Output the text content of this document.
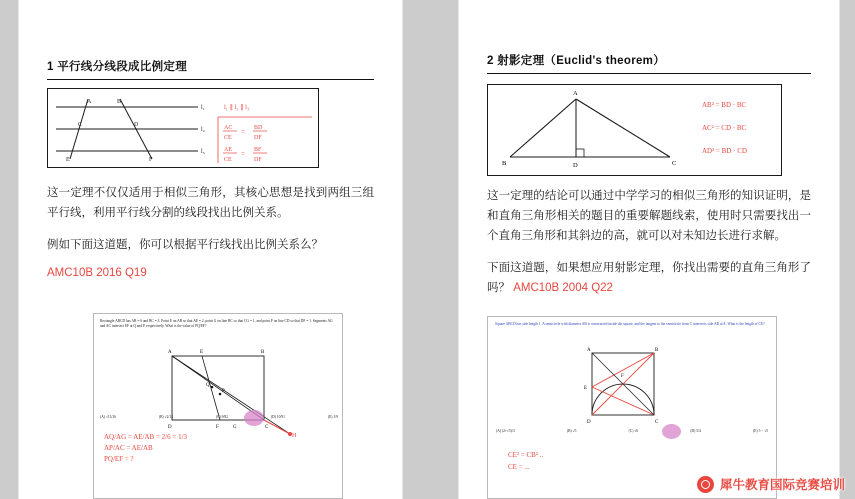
1 平行线分线段成比例定理
A	B
C	D
E	F
l₁
l₂
l₃
l₁ ∥ l₂ ∥ l₃
AC
CE
= BD
DF
AE
CE
= BF
DF

这一定理不仅仅适用于相似三角形，其核心思想是找到两组三组平行线，利用平行线分割的线段找出比例关系。

例如下面这道题，你可以根据平行线找出比例关系么？

AMC10B 2016 Q19

Rectangle ABCD has AB = 6 and BC = 3. Point E on AB so that AE = 2, point G on line BC so that CG = 1, and point F on line CD so that DF = 1. Segments AG and AC intersect EF at Q and P, respectively. What is the value of PQ/EF?
A	B
D	C
E
F	G
H
Q
P
(A) √13/16	(B) √2/13	(C) 9/82	(D) 10/91	(E) 1/9
AQ/AG = AE/AB = 2/6 = 1/3
AP/AC = AE/AB
PQ/EF = ?
2 射影定理（Euclid's theorem）
A
B	D	C
AB² = BD · BC
AC² = CD · BC
AD² = BD · CD

这一定理的结论可以通过中学学习的相似三角形的知识证明，是和直角三角形相关的题目的重要解题线索，使用时只需要找出一个直角三角形和其斜边的高，就可以对未知边长进行求解。

下面这道题，如果想应用射影定理，你找出需要的直角三角形了吗？ AMC10B 2004 Q22

Square ABCD has side length 1. A semicircle with diameter AB is constructed inside the square, and the tangent to the semicircle from C intersects side AD at E. What is the length of CE?
A	B
D	C
E
F
(A) (2+√5)/3	(B) √5	(C) √6	(D) 5/4	(E) 5 − √5
CE² = CB² ..
CE = ...
犀牛教育国际竞赛培训
